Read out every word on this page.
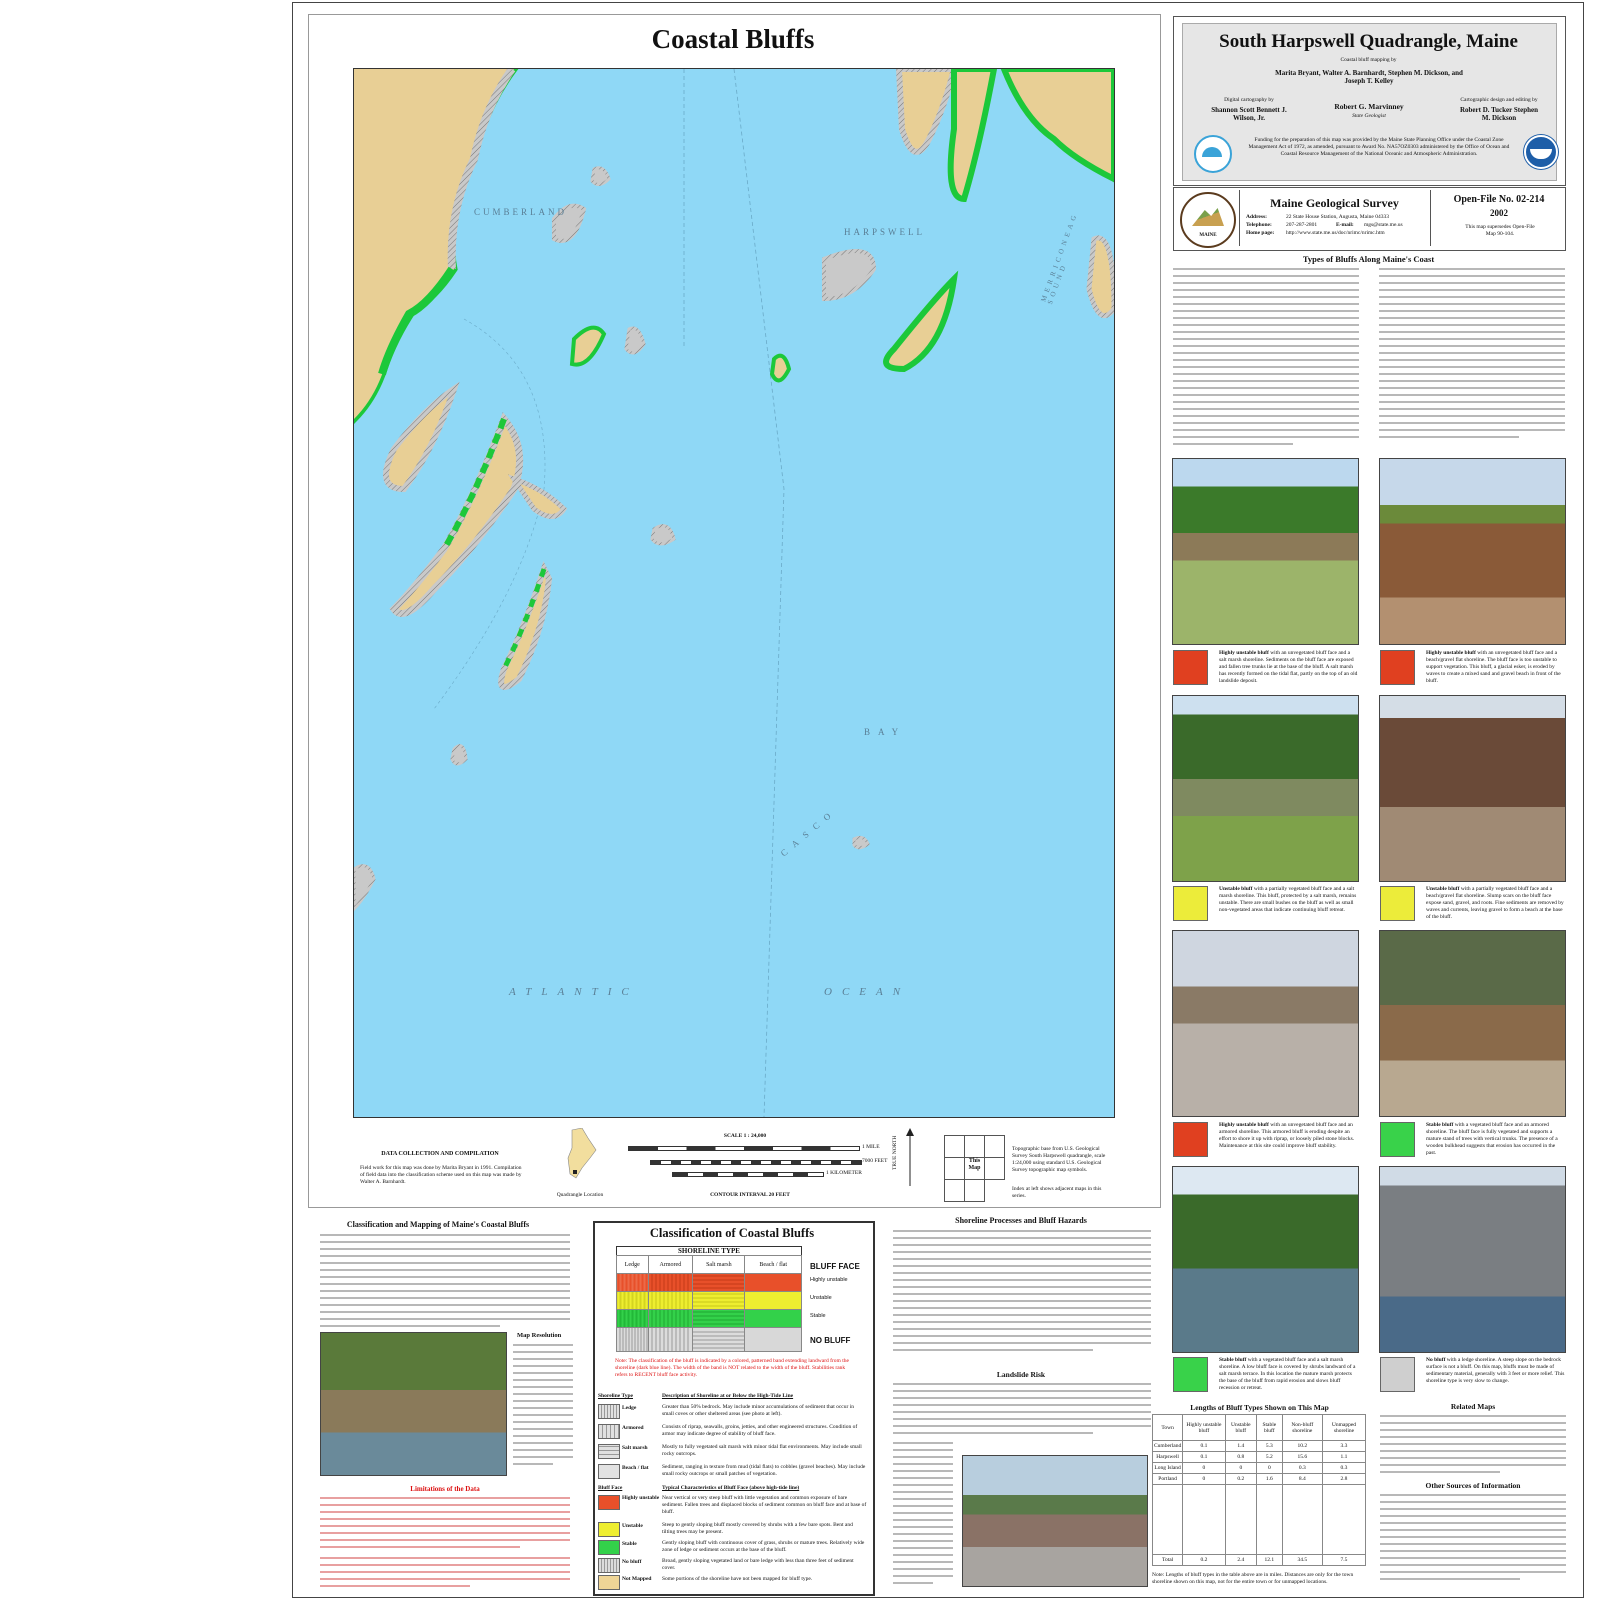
Coastal Bluffs
CUMBERLAND
HARPSWELL
ATLANTIC	OCEAN
CASCO
BAY
MERRICONEAG SOUND
DATA COLLECTION AND COMPILATION
Field work for this map was done by Marita Bryant in 1991. Compilation of field data into the classification scheme used on this map was made by Walter A. Barnhardt.
Quadrangle Location
SCALE 1 : 24,000
1 MILE
7000 FEET
1 KILOMETER
CONTOUR INTERVAL 20 FEET
TRUE NORTH	This Map
Topographic base from U.S. Geological Survey South Harpswell quadrangle, scale 1:24,000 using standard U.S. Geological Survey topographic map symbols.
Index at left shows adjacent maps in this series.
South Harpswell Quadrangle, Maine
Coastal bluff mapping by
Marita Bryant, Walter A. Barnhardt, Stephen M. Dickson, and Joseph T. Kelley
Digital cartography by
Shannon Scott Bennett J. Wilson, Jr.
Robert G. Marvinney
State Geologist
Cartographic design and editing by
Robert D. Tucker Stephen M. Dickson
Funding for the preparation of this map was provided by the Maine State Planning Office under the Coastal Zone Management Act of 1972, as amended, pursuant to Award No. NA57OZ0303 administered by the Office of Ocean and Coastal Resource Management of the National Oceanic and Atmospheric Administration.
MAINE
Maine Geological Survey
Address:	22 State House Station, Augusta, Maine 04333
Telephone:	207-287-2801	E-mail:	mgs@state.me.us
Home page:	http://www.state.me.us/doc/nrimc/nrimc.htm
Open-File No. 02-214
2002
This map supersedes Open-File Map 90-104.
Types of Bluffs Along Maine's Coast
Highly unstable bluff with an unvegetated bluff face and a salt marsh shoreline. Sediments on the bluff face are exposed and fallen tree trunks lie at the base of the bluff. A salt marsh has recently formed on the tidal flat, partly on the top of an old landslide deposit.
Highly unstable bluff with an unvegetated bluff face and a beach/gravel flat shoreline. The bluff face is too unstable to support vegetation. This bluff, a glacial esker, is eroded by waves to create a mixed sand and gravel beach in front of the bluff.
Unstable bluff with a partially vegetated bluff face and a salt marsh shoreline. This bluff, protected by a salt marsh, remains unstable. There are small bushes on the bluff as well as small non-vegetated areas that indicate continuing bluff retreat.
Unstable bluff with a partially vegetated bluff face and a beach/gravel flat shoreline. Slump scars on the bluff face expose sand, gravel, and roots. Fine sediments are removed by waves and currents, leaving gravel to form a beach at the base of the bluff.
Highly unstable bluff with an unvegetated bluff face and an armored shoreline. This armored bluff is eroding despite an effort to shore it up with riprap, or loosely piled stone blocks. Maintenance at this site could improve bluff stability.
Stable bluff with a vegetated bluff face and an armored shoreline. The bluff face is fully vegetated and supports a mature stand of trees with vertical trunks. The presence of a wooden bulkhead suggests that erosion has occurred in the past.
Stable bluff with a vegetated bluff face and a salt marsh shoreline. A low bluff face is covered by shrubs landward of a salt marsh terrace. In this location the mature marsh protects the base of the bluff from rapid erosion and slows bluff recession or retreat.
No bluff with a ledge shoreline. A steep slope on the bedrock surface is not a bluff. On this map, bluffs must be made of sedimentary material, generally with 3 feet or more relief. This shoreline type is very slow to change.
Classification and Mapping of Maine's Coastal Bluffs
Map Resolution
Limitations of the Data
Classification of Coastal Bluffs
SHORELINE TYPE
Ledge	Armored	Salt marsh	Beach / flat

				BLUFF FACE
Highly unstable
Unstable
Stable
NO BLUFF
Note: The classification of the bluff is indicated by a colored, patterned band extending landward from the shoreline (dark blue line). The width of the band is NOT related to the width of the bluff. Stabilities rank refers to RECENT bluff face activity.
Shoreline Type	Description of Shoreline at or Below the High-Tide Line
Ledge	Greater than 50% bedrock. May include minor accumulations of sediment that occur in small coves or other sheltered areas (see photo at left).
Armored	Consists of riprap, seawalls, groins, jetties, and other engineered structures. Condition of armor may indicate degree of stability of bluff face.
Salt marsh	Mostly to fully vegetated salt marsh with minor tidal flat environments. May include small rocky outcrops.
Beach / flat	Sediment, ranging in texture from mud (tidal flats) to cobbles (gravel beaches). May include small rocky outcrops or small patches of vegetation.
Bluff Face	Typical Characteristics of Bluff Face (above high-tide line)
Highly unstable Near vertical or very steep bluff with little vegetation and common exposure of bare sediment. Fallen trees and displaced blocks of sediment common on bluff face and at base of bluff.
Unstable	Steep to gently sloping bluff mostly covered by shrubs with a few bare spots. Bent and tilting trees may be present.
Stable	Gently sloping bluff with continuous cover of grass, shrubs or mature trees. Relatively wide zone of ledge or sediment occurs at the base of the bluff.
No bluff	Broad, gently sloping vegetated land or bare ledge with less than three feet of sediment cover.
Not Mapped	Some portions of the shoreline have not been mapped for bluff type.
Shoreline Processes and Bluff Hazards
Landslide Risk
Lengths of Bluff Types Shown on This Map
Town	Highly unstable bluff	Unstable bluff	Stable bluff	Non-bluff shoreline	Unmapped shoreline
Cumberland	0.1	1.4	5.3	10.2	3.3
Harpswell	0.1	0.8	5.2	15.6	1.1
Long Island	0	0	0	0.3	0.3
Portland	0	0.2	1.6	8.4	2.8

Total	0.2	2.4	12.1	34.5	7.5
Note: Lengths of bluff types in the table above are in miles. Distances are only for the town shoreline shown on this map, not for the entire town or for unmapped locations.
Related Maps
Other Sources of Information
